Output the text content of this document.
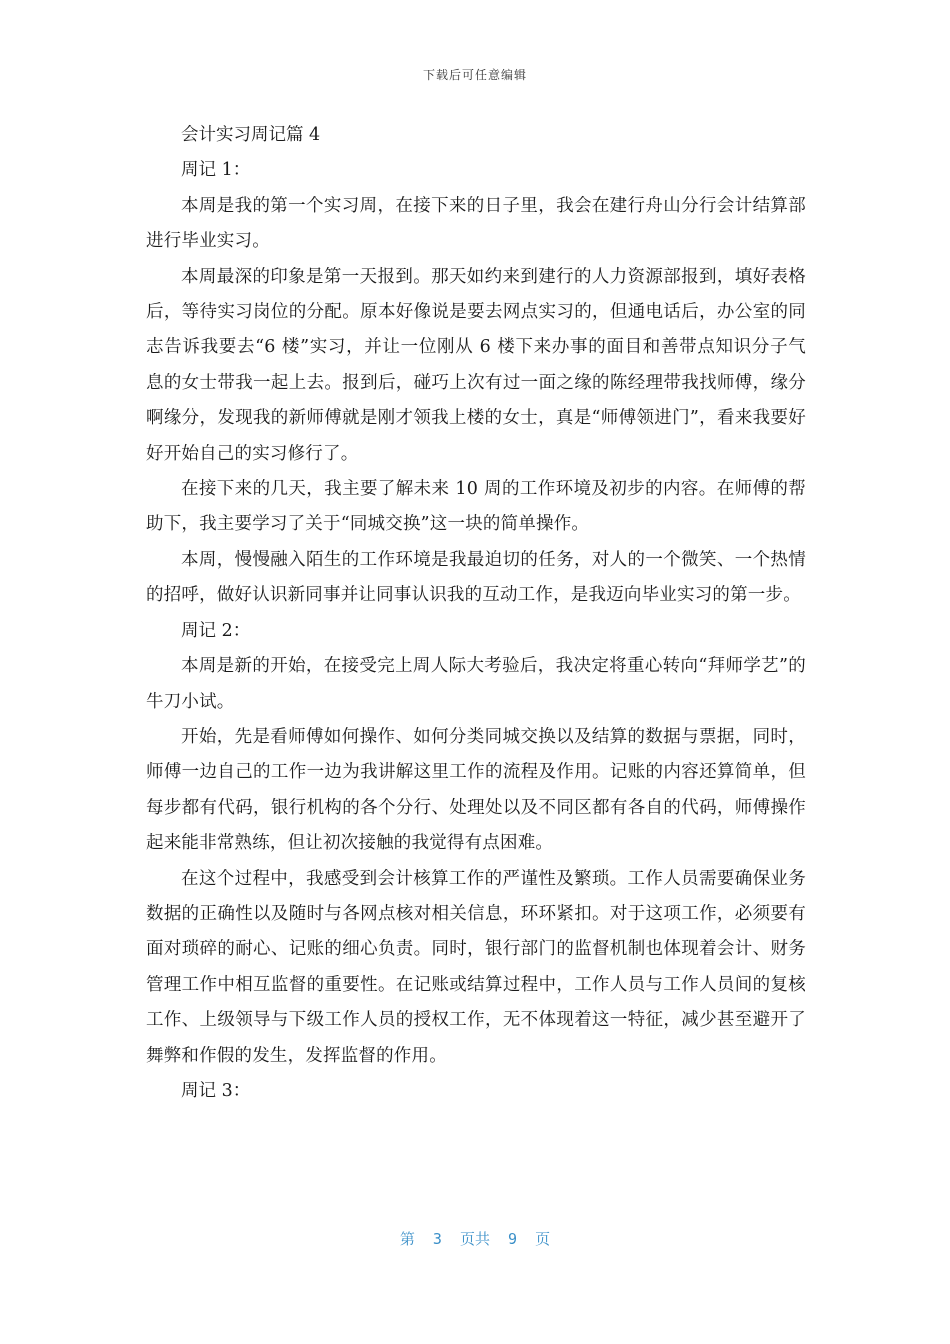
下载后可任意编辑

会计实习周记篇 4

周记 1：

本周是我的第一个实习周，在接下来的日子里，我会在建行舟山分行会计结算部进行毕业实习。

本周最深的印象是第一天报到。那天如约来到建行的人力资源部报到，填好表格后，等待实习岗位的分配。原本好像说是要去网点实习的，但通电话后，办公室的同志告诉我要去“6 楼”实习，并让一位刚从 6 楼下来办事的面目和善带点知识分子气息的女士带我一起上去。报到后，碰巧上次有过一面之缘的陈经理带我找师傅，缘分啊缘分，发现我的新师傅就是刚才领我上楼的女士，真是“师傅领进门”，看来我要好好开始自己的实习修行了。

在接下来的几天，我主要了解未来 10 周的工作环境及初步的内容。在师傅的帮助下，我主要学习了关于“同城交换”这一块的简单操作。

本周，慢慢融入陌生的工作环境是我最迫切的任务，对人的一个微笑、一个热情的招呼，做好认识新同事并让同事认识我的互动工作，是我迈向毕业实习的第一步。

周记 2：

本周是新的开始，在接受完上周人际大考验后，我决定将重心转向“拜师学艺”的牛刀小试。

开始，先是看师傅如何操作、如何分类同城交换以及结算的数据与票据，同时，师傅一边自己的工作一边为我讲解这里工作的流程及作用。记账的内容还算简单，但每步都有代码，银行机构的各个分行、处理处以及不同区都有各自的代码，师傅操作起来能非常熟练，但让初次接触的我觉得有点困难。

在这个过程中，我感受到会计核算工作的严谨性及繁琐。工作人员需要确保业务数据的正确性以及随时与各网点核对相关信息，环环紧扣。对于这项工作，必须要有面对琐碎的耐心、记账的细心负责。同时，银行部门的监督机制也体现着会计、财务管理工作中相互监督的重要性。在记账或结算过程中，工作人员与工作人员间的复核工作、上级领导与下级工作人员的授权工作，无不体现着这一特征，减少甚至避开了舞弊和作假的发生，发挥监督的作用。

周记 3：

第  3  页共  9  页
